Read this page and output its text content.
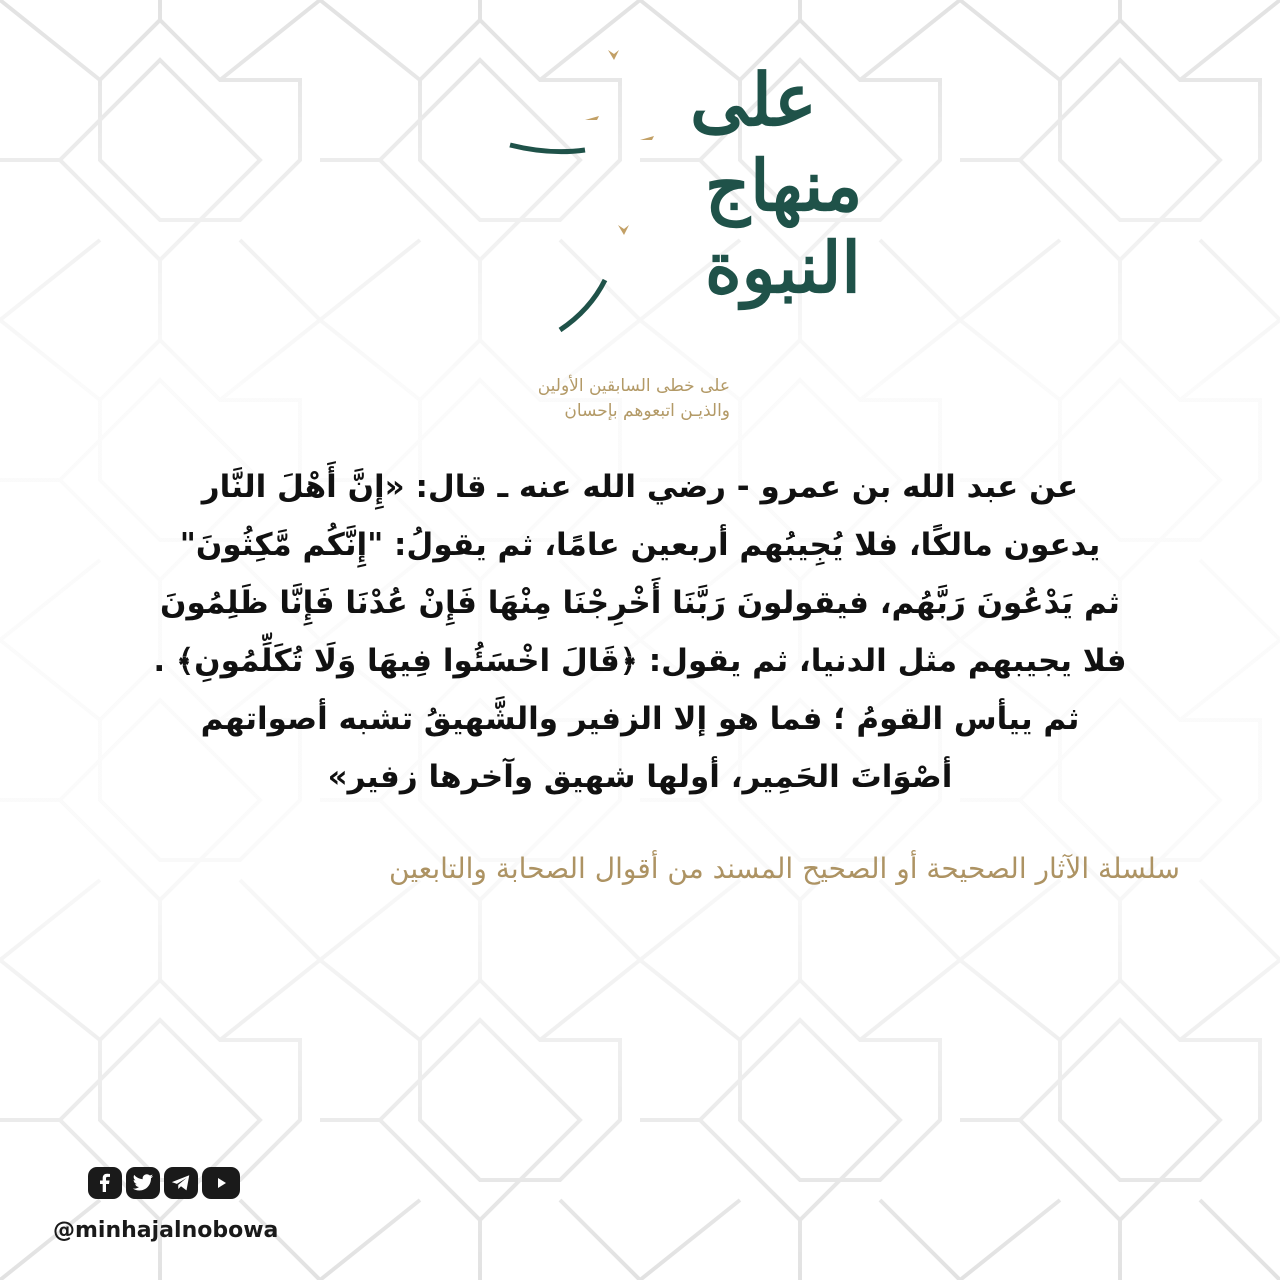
على
منهاج
النبوة
على خطى السابقين الأولين
والذيـن اتبعوهم بإحسان
عن عبد الله بن عمرو - رضي الله عنه ـ قال: «إِنَّ أَهْلَ النَّار
يدعون مالكًا، فلا يُجِيبُهم أربعين عامًا، ثم يقولُ: "إِنَّكُم مَّكِثُونَ"
ثم يَدْعُونَ رَبَّهُم، فيقولونَ رَبَّنَا أَخْرِجْنَا مِنْهَا فَإِنْ عُدْنَا فَإِنَّا ظَلِمُونَ
فلا يجيبهم مثل الدنيا، ثم يقول: ﴿قَالَ اخْسَئُوا فِيهَا وَلَا تُكَلِّمُونِ﴾ .
ثم ييأس القومُ ؛ فما هو إلا الزفير والشَّهيقُ تشبه أصواتهم
أصْوَاتَ الحَمِير، أولها شهيق وآخرها زفير»
سلسلة الآثار الصحيحة أو الصحيح المسند من أقوال الصحابة والتابعين
@minhajalnobowa
